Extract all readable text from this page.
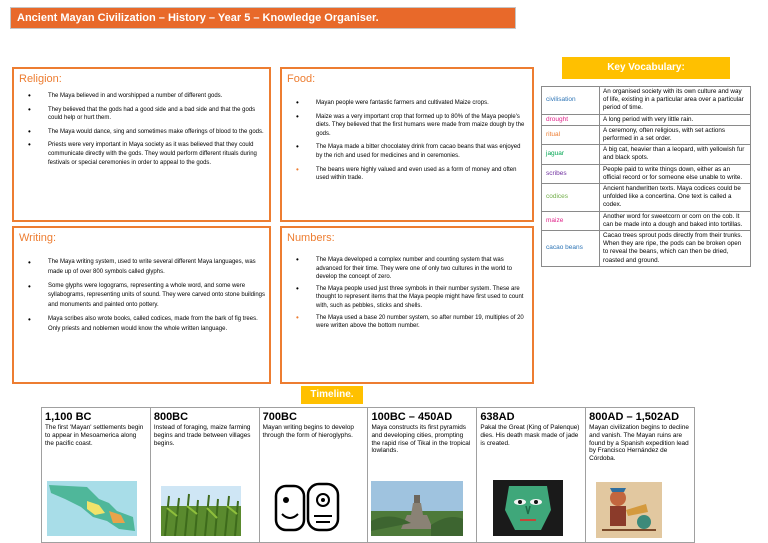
Ancient Mayan Civilization – History – Year 5 – Knowledge Organiser.
Religion:
• The Maya believed in and worshipped a number of different gods.
• They believed that the gods had a good side and a bad side and that the gods could help or hurt them.
• The Maya would dance, sing and sometimes make offerings of blood to the gods.
• Priests were very important in Maya society as it was believed that they could communicate directly with the gods. They would perform different rituals during festivals or special ceremonies in order to appeal to the gods.
Food:
• Mayan people were fantastic farmers and cultivated Maize crops.
• Maize was a very important crop that formed up to 80% of the Maya people's diets. They believed that the first humans were made from maize dough by the gods.
• The Maya made a bitter chocolatey drink from cacao beans that was enjoyed by the rich and used for medicines and in ceremonies.
• The beans were highly valued and even used as a form of money and often used within trade.
Writing:
• The Maya writing system, used to write several different Maya languages, was made up of over 800 symbols called glyphs.
• Some glyphs were logograms, representing a whole word, and some were syllabograms, representing units of sound. They were carved onto stone buildings and monuments and painted onto pottery.
• Maya scribes also wrote books, called codices, made from the bark of fig trees. Only priests and noblemen would know the whole written language.
Numbers:
• The Maya developed a complex number and counting system that was advanced for their time. They were one of only two cultures in the world to develop the concept of zero.
• The Maya people used just three symbols in their number system. These are thought to represent items that the Maya people might have first used to count with, such as pebbles, sticks and shells.
• The Maya used a base 20 number system, so after number 19, multiples of 20 were written above the bottom number.
Key Vocabulary:
civilisation	An organised society with its own culture and way of life, existing in a particular area over a particular period of time.
drought	A long period with very little rain.
ritual	A ceremony, often religious, with set actions performed in a set order.
jaguar	A big cat, heavier than a leopard, with yellowish fur and black spots.
scribes	People paid to write things down, either as an official record or for someone else unable to write.
codices	Ancient handwritten texts. Maya codices could be unfolded like a concertina. One text is called a codex.
maize	Another word for sweetcorn or corn on the cob. It can be made into a dough and baked into tortillas.
cacao beans	Cacao trees sprout pods directly from their trunks. When they are ripe, the pods can be broken open to reveal the beans, which can then be dried, roasted and ground.
Timeline.
1,100 BC
The first 'Mayan' settlements begin to appear in Mesoamerica along the pacific coast.
800BC
Instead of foraging, maize farming begins and trade between villages begins.
700BC
Mayan writing begins to develop through the form of hieroglyphs.
100BC – 450AD
Maya constructs its first pyramids and developing cities, prompting the rapid rise of Tikal in the tropical lowlands.
638AD
Pakal the Great (King of Palenque) dies. His death mask made of jade is created.
800AD – 1,502AD
Mayan civilization begins to decline and vanish. The Mayan ruins are found by a Spanish expedition lead by Francisco Hernández de Córdoba.
